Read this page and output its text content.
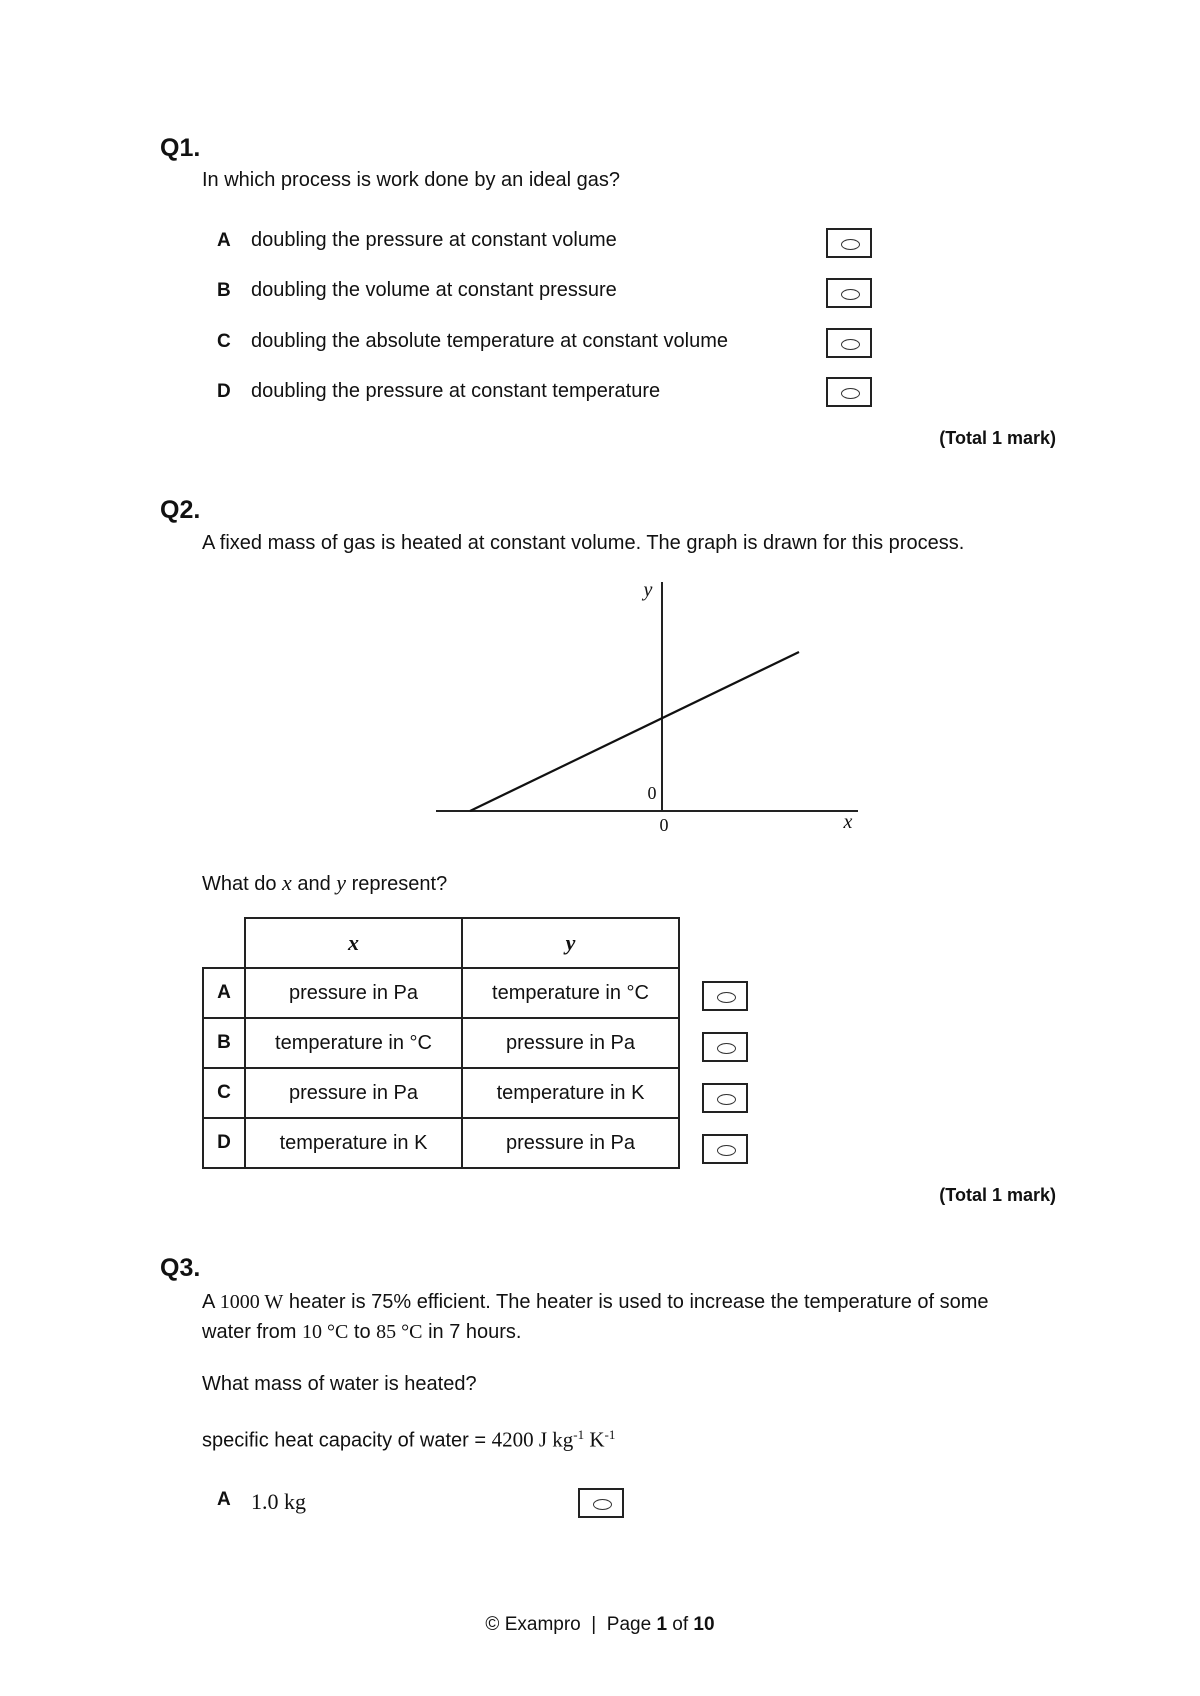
Q1.
In which process is work done by an ideal gas?
A doubling the pressure at constant volume
B doubling the volume at constant pressure
C doubling the absolute temperature at constant volume
D doubling the pressure at constant temperature
(Total 1 mark)
Q2.
A fixed mass of gas is heated at constant volume. The graph is drawn for this process.
y
x
0
0
What do x and y represent?
	x	y
A	pressure in Pa	temperature in °C
B	temperature in °C	pressure in Pa
C	pressure in Pa	temperature in K
D	temperature in K	pressure in Pa
(Total 1 mark)
Q3.
A 1000 W heater is 75% efficient. The heater is used to increase the temperature of some
water from 10 °C to 85 °C in 7 hours.
What mass of water is heated?
specific heat capacity of water = 4200 J $kg^{-1}$ $K^{-1}$
A 1.0 kg
© Exampro  |  Page 1 of 10
